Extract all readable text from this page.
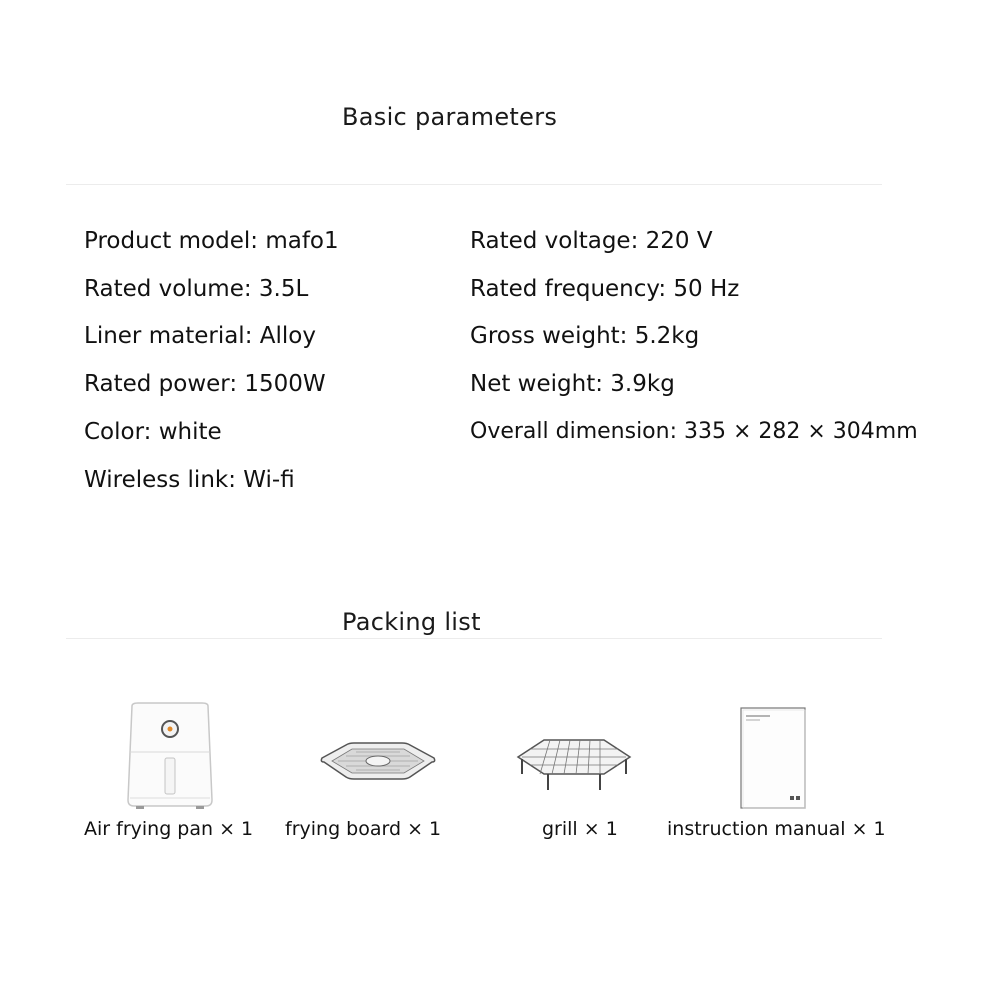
Basic parameters
Product model: mafo1
Rated volume: 3.5L
Liner material: Alloy
Rated power: 1500W
Color: white
Wireless link: Wi-fi
Rated voltage: 220 V
Rated frequency: 50 Hz
Gross weight: 5.2kg
Net weight: 3.9kg
Overall dimension: 335 × 282 × 304mm
Packing list
Air frying pan × 1 frying board × 1	grill × 1	instruction manual × 1
